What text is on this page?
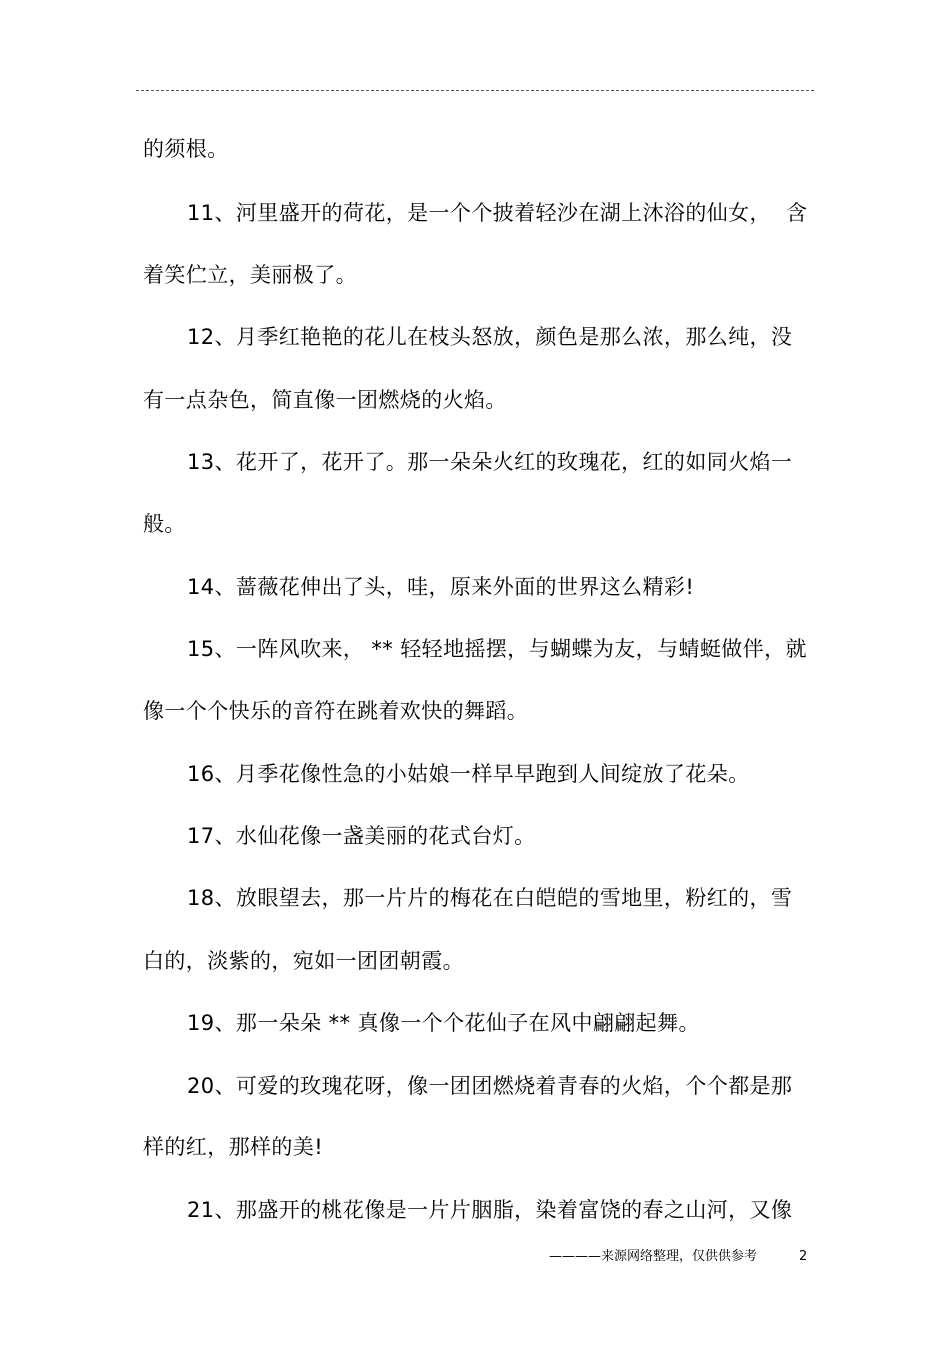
的须根。
11、河里盛开的荷花，是一个个披着轻沙在湖上沐浴的仙女， 含
着笑伫立，美丽极了。
12、月季红艳艳的花儿在枝头怒放，颜色是那么浓，那么纯，没
有一点杂色，简直像一团燃烧的火焰。
13、花开了，花开了。那一朵朵火红的玫瑰花，红的如同火焰一
般。
14、蔷薇花伸出了头，哇，原来外面的世界这么精彩!
15、一阵风吹来， ** 轻轻地摇摆，与蝴蝶为友，与蜻蜓做伴，就
像一个个快乐的音符在跳着欢快的舞蹈。
16、月季花像性急的小姑娘一样早早跑到人间绽放了花朵。
17、水仙花像一盏美丽的花式台灯。
18、放眼望去，那一片片的梅花在白皑皑的雪地里，粉红的，雪
白的，淡紫的，宛如一团团朝霞。
19、那一朵朵 ** 真像一个个花仙子在风中翩翩起舞。
20、可爱的玫瑰花呀，像一团团燃烧着青春的火焰，个个都是那
样的红，那样的美!
21、那盛开的桃花像是一片片胭脂，染着富饶的春之山河，又像
————来源网络整理，仅供供参考	2
